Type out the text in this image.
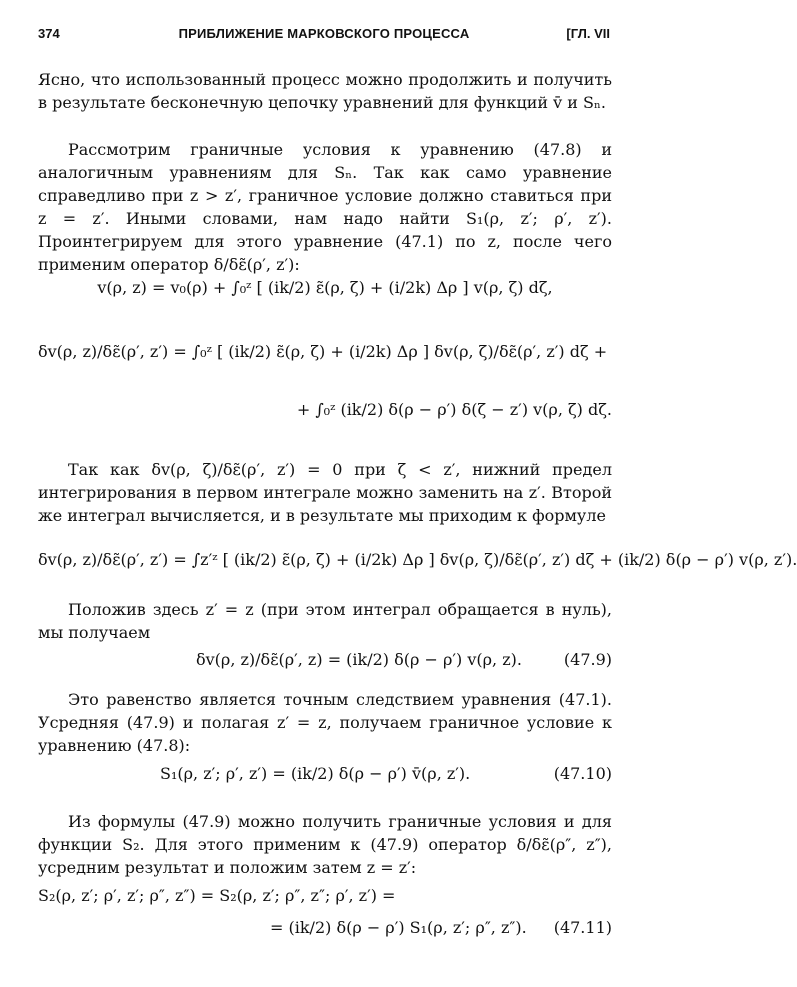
374	ПРИБЛИЖЕНИЕ МАРКОВСКОГО ПРОЦЕССА	[ГЛ. VII

Ясно, что использованный процесс можно продолжить и получить в результате бесконечную цепочку уравнений для функций v̄ и Sₙ.

Рассмотрим граничные условия к уравнению (47.8) и аналогичным уравнениям для Sₙ. Так как само уравнение справедливо при z > z′, граничное условие должно ставиться при z = z′. Иными словами, нам надо найти S₁(ρ, z′; ρ′, z′). Проинтегрируем для этого уравнение (47.1) по z, после чего применим оператор δ/δε̃(ρ′, z′):

v(ρ, z) = v₀(ρ) + ∫₀ᶻ [ (ik/2) ε̃(ρ, ζ) + (i/2k) Δρ ] v(ρ, ζ) dζ,
δv(ρ, z)/δε̃(ρ′, z′) = ∫₀ᶻ [ (ik/2) ε̃(ρ, ζ) + (i/2k) Δρ ] δv(ρ, ζ)/δε̃(ρ′, z′) dζ +
+ ∫₀ᶻ (ik/2) δ(ρ − ρ′) δ(ζ − z′) v(ρ, ζ) dζ.

Так как δv(ρ, ζ)/δε̃(ρ′, z′) = 0 при ζ < z′, нижний предел интегрирования в первом интеграле можно заменить на z′. Второй же интеграл вычисляется, и в результате мы приходим к формуле

δv(ρ, z)/δε̃(ρ′, z′) = ∫z′ᶻ [ (ik/2) ε̃(ρ, ζ) + (i/2k) Δρ ] δv(ρ, ζ)/δε̃(ρ′, z′) dζ + (ik/2) δ(ρ − ρ′) v(ρ, z′).

Положив здесь z′ = z (при этом интеграл обращается в нуль), мы получаем

δv(ρ, z)/δε̃(ρ′, z) = (ik/2) δ(ρ − ρ′) v(ρ, z).	(47.9)

Это равенство является точным следствием уравнения (47.1). Усредняя (47.9) и полагая z′ = z, получаем граничное условие к уравнению (47.8):

S₁(ρ, z′; ρ′, z′) = (ik/2) δ(ρ − ρ′) v̄(ρ, z′).	(47.10)

Из формулы (47.9) можно получить граничные условия и для функции S₂. Для этого применим к (47.9) оператор δ/δε̃(ρ″, z″), усредним результат и положим затем z = z′:

S₂(ρ, z′; ρ′, z′; ρ″, z″) = S₂(ρ, z′; ρ″, z″; ρ′, z′) =
= (ik/2) δ(ρ − ρ′) S₁(ρ, z′; ρ″, z″). (47.11)
